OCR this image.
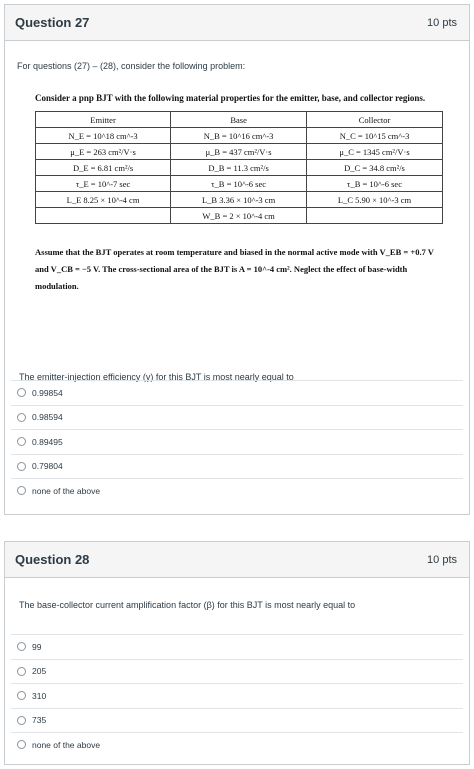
Question 27	10 pts
For questions (27) – (28), consider the following problem:
Consider a pnp BJT with the following material properties for the emitter, base, and collector regions.
Emitter	Base	Collector
N_E = 10^18 cm^-3	N_B = 10^16 cm^-3	N_C = 10^15 cm^-3
μ_E = 263 cm²/V·s	μ_B = 437 cm²/V·s	μ_C = 1345 cm²/V·s
D_E = 6.81 cm²/s	D_B = 11.3 cm²/s	D_C = 34.8 cm²/s
τ_E = 10^-7 sec	τ_B = 10^-6 sec	τ_B = 10^-6 sec
L_E 8.25 × 10^-4 cm	L_B 3.36 × 10^-3 cm	L_C 5.90 × 10^-3 cm
	W_B = 2 × 10^-4 cm	
Assume that the BJT operates at room temperature and biased in the normal active mode with V_EB = +0.7 V and V_CB = −5 V. The cross-sectional area of the BJT is A = 10^-4 cm². Neglect the effect of base-width modulation.
The emitter-injection efficiency (γ) for this BJT is most nearly equal to
0.99854
0.98594
0.89495
0.79804
none of the above
Question 28	10 pts
The base-collector current amplification factor (β) for this BJT is most nearly equal to
99
205
310
735
none of the above
